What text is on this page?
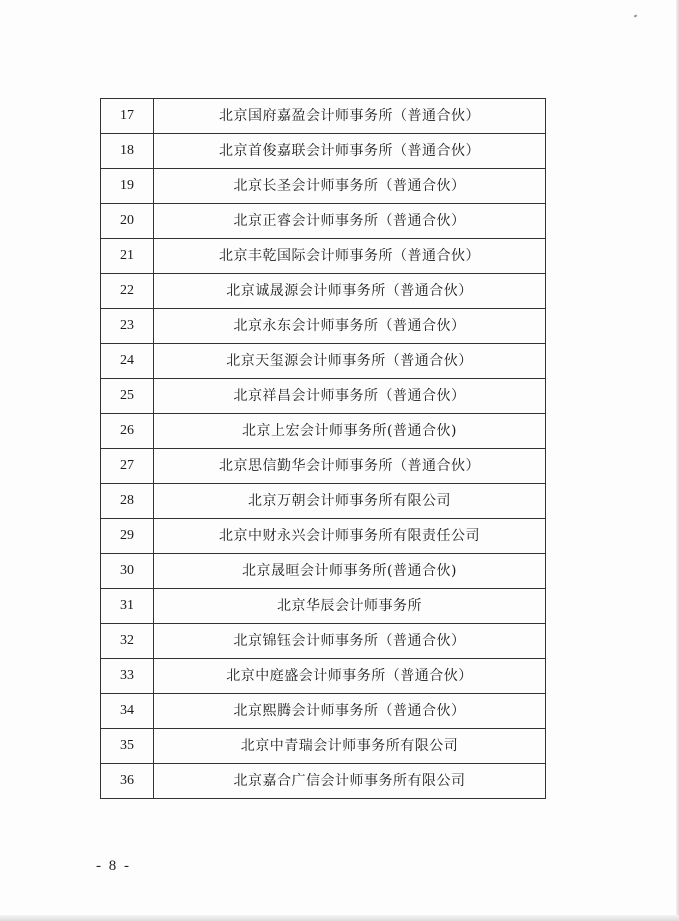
17	北京国府嘉盈会计师事务所（普通合伙）
18	北京首俊嘉联会计师事务所（普通合伙）
19	北京长圣会计师事务所（普通合伙）
20	北京正睿会计师事务所（普通合伙）
21	北京丰乾国际会计师事务所（普通合伙）
22	北京诚晟源会计师事务所（普通合伙）
23	北京永东会计师事务所（普通合伙）
24	北京天玺源会计师事务所（普通合伙）
25	北京祥昌会计师事务所（普通合伙）
26	北京上宏会计师事务所(普通合伙)
27	北京思信勤华会计师事务所（普通合伙）
28	北京万朝会计师事务所有限公司
29	北京中财永兴会计师事务所有限责任公司
30	北京晟晅会计师事务所(普通合伙)
31	北京华辰会计师事务所
32	北京锦钰会计师事务所（普通合伙）
33	北京中庭盛会计师事务所（普通合伙）
34	北京熙腾会计师事务所（普通合伙）
35	北京中青瑞会计师事务所有限公司
36	北京嘉合广信会计师事务所有限公司
- 8 -
